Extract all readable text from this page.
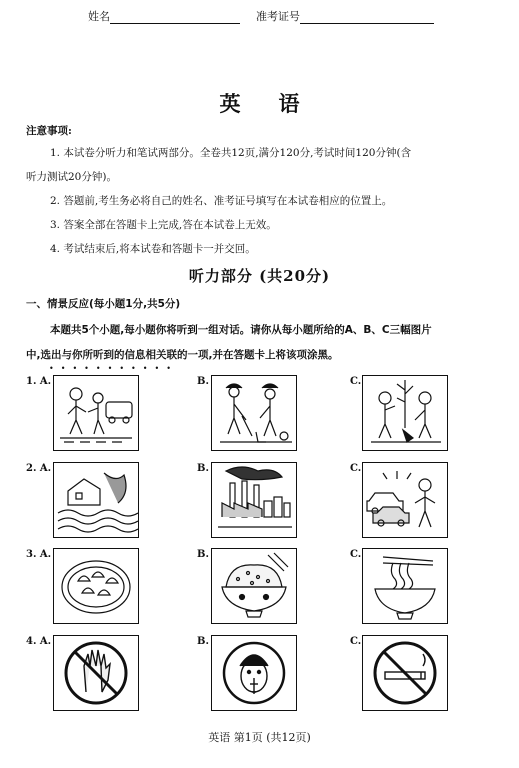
姓名	准考证号
英语
注意事项:
1. 本试卷分听力和笔试两部分。全卷共12页,满分120分,考试时间120分钟(含
听力测试20分钟)。
2. 答题前,考生务必将自己的姓名、准考证号填写在本试卷相应的位置上。
3. 答案全部在答题卡上完成,答在本试卷上无效。
4. 考试结束后,将本试卷和答题卡一并交回。
听力部分 (共20分)
一、情景反应(每小题1分,共5分)
本题共5个小题,每小题你将听到一组对话。请你从每小题所给的A、B、C三幅图片
中,选出与你所听到的信息相关联的一项,并在答题卡上将该项涂黑。
•••••••••••
1. A.	B.	C.
2. A.	B.	C.
3. A.	B.	C.
4. A.	B.	C.
英语 第1页 (共12页)
